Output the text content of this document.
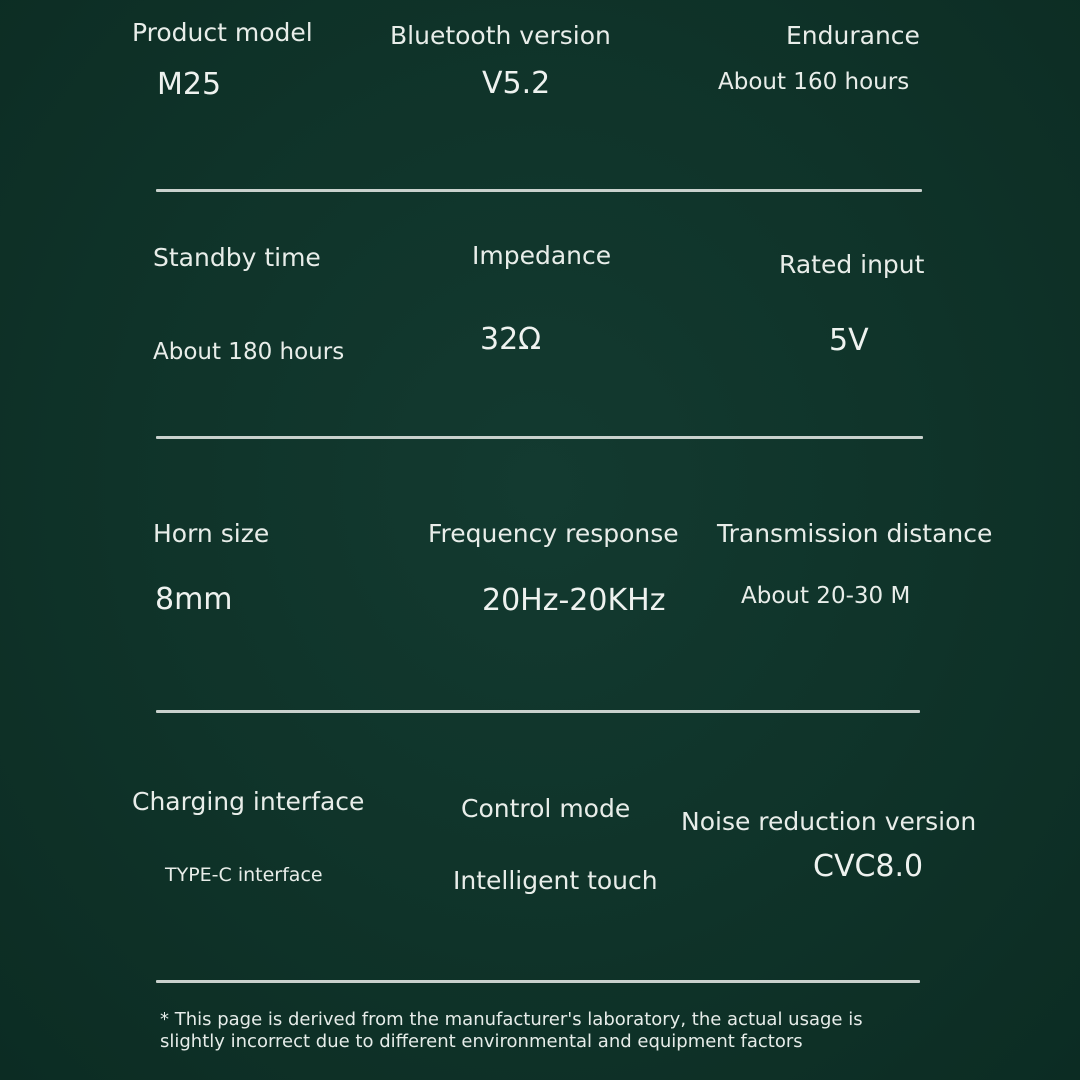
Product model
M25
Bluetooth version
V5.2
Endurance
About 160 hours
Standby time
About 180 hours
Impedance
32Ω
Rated input
5V
Horn size
8mm
Frequency response
20Hz-20KHz
Transmission distance
About 20-30 M
Charging interface
TYPE-C interface
Control mode
Intelligent touch
Noise reduction version
CVC8.0
* This page is derived from the manufacturer's laboratory, the actual usage is
slightly incorrect due to different environmental and equipment factors
